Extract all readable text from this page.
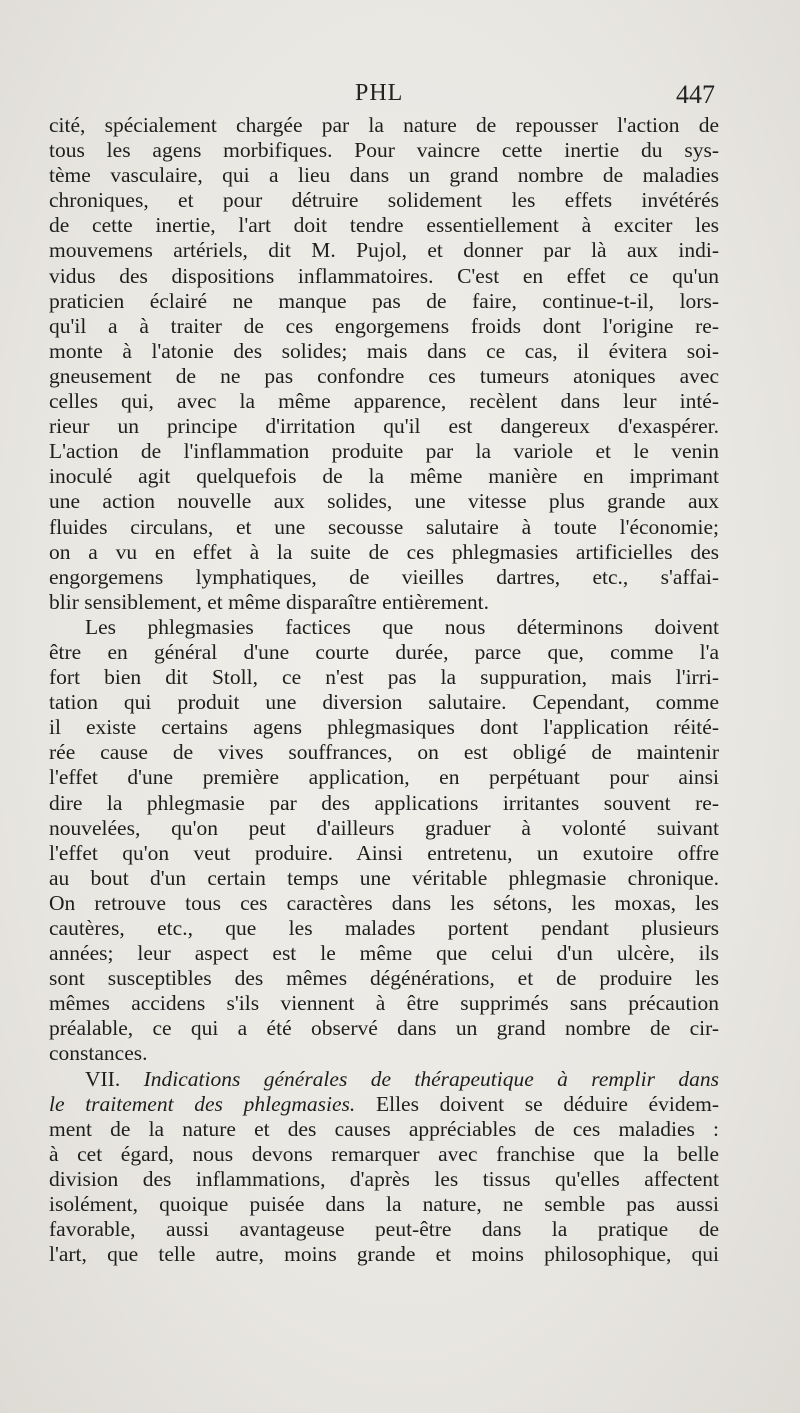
PHL	447
cité, spécialement chargée par la nature de repousser l'action de
tous les agens morbifiques. Pour vaincre cette inertie du sys-
tème vasculaire, qui a lieu dans un grand nombre de maladies
chroniques, et pour détruire solidement les effets invétérés
de cette inertie, l'art doit tendre essentiellement à exciter les
mouvemens artériels, dit M. Pujol, et donner par là aux indi-
vidus des dispositions inflammatoires. C'est en effet ce qu'un
praticien éclairé ne manque pas de faire, continue-t-il, lors-
qu'il a à traiter de ces engorgemens froids dont l'origine re-
monte à l'atonie des solides; mais dans ce cas, il évitera soi-
gneusement de ne pas confondre ces tumeurs atoniques avec
celles qui, avec la même apparence, recèlent dans leur inté-
rieur un principe d'irritation qu'il est dangereux d'exaspérer.
L'action de l'inflammation produite par la variole et le venin
inoculé agit quelquefois de la même manière en imprimant
une action nouvelle aux solides, une vitesse plus grande aux
fluides circulans, et une secousse salutaire à toute l'économie;
on a vu en effet à la suite de ces phlegmasies artificielles des
engorgemens lymphatiques, de vieilles dartres, etc., s'affai-
blir sensiblement, et même disparaître entièrement.
Les phlegmasies factices que nous déterminons doivent
être en général d'une courte durée, parce que, comme l'a
fort bien dit Stoll, ce n'est pas la suppuration, mais l'irri-
tation qui produit une diversion salutaire. Cependant, comme
il existe certains agens phlegmasiques dont l'application réité-
rée cause de vives souffrances, on est obligé de maintenir
l'effet d'une première application, en perpétuant pour ainsi
dire la phlegmasie par des applications irritantes souvent re-
nouvelées, qu'on peut d'ailleurs graduer à volonté suivant
l'effet qu'on veut produire. Ainsi entretenu, un exutoire offre
au bout d'un certain temps une véritable phlegmasie chronique.
On retrouve tous ces caractères dans les sétons, les moxas, les
cautères, etc., que les malades portent pendant plusieurs
années; leur aspect est le même que celui d'un ulcère, ils
sont susceptibles des mêmes dégénérations, et de produire les
mêmes accidens s'ils viennent à être supprimés sans précaution
préalable, ce qui a été observé dans un grand nombre de cir-
constances.
VII. Indications générales de thérapeutique à remplir dans
le traitement des phlegmasies. Elles doivent se déduire évidem-
ment de la nature et des causes appréciables de ces maladies :
à cet égard, nous devons remarquer avec franchise que la belle
division des inflammations, d'après les tissus qu'elles affectent
isolément, quoique puisée dans la nature, ne semble pas aussi
favorable, aussi avantageuse peut-être dans la pratique de
l'art, que telle autre, moins grande et moins philosophique, qui
